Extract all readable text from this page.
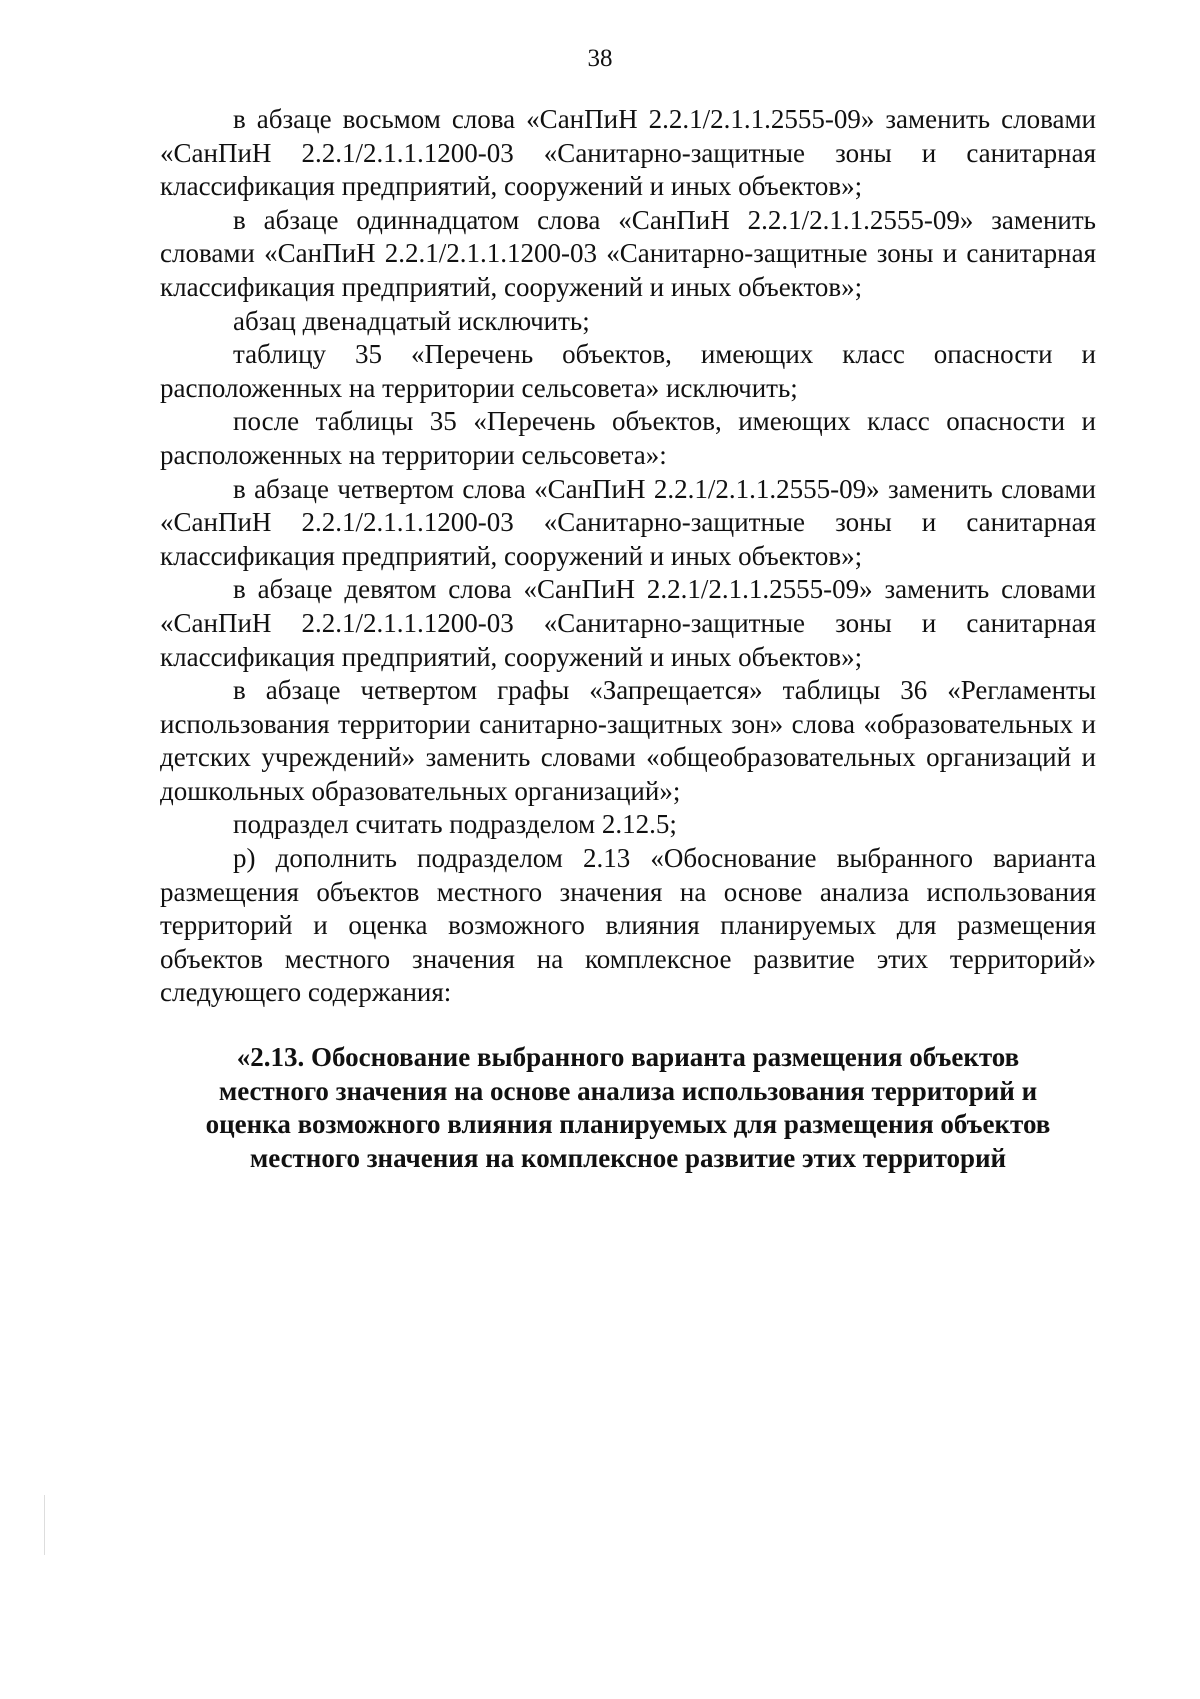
38

в абзаце восьмом слова «СанПиН 2.2.1/2.1.1.2555-09» заменить словами «СанПиН 2.2.1/2.1.1.1200-03 «Санитарно-защитные зоны и санитарная классификация предприятий, сооружений и иных объектов»;

в абзаце одиннадцатом слова «СанПиН 2.2.1/2.1.1.2555-09» заменить словами «СанПиН 2.2.1/2.1.1.1200-03 «Санитарно-защитные зоны и санитарная классификация предприятий, сооружений и иных объектов»;

абзац двенадцатый исключить;

таблицу 35 «Перечень объектов, имеющих класс опасности и расположенных на территории сельсовета» исключить;

после таблицы 35 «Перечень объектов, имеющих класс опасности и расположенных на территории сельсовета»:

в абзаце четвертом слова «СанПиН 2.2.1/2.1.1.2555-09» заменить словами «СанПиН 2.2.1/2.1.1.1200-03 «Санитарно-защитные зоны и санитарная классификация предприятий, сооружений и иных объектов»;

в абзаце девятом слова «СанПиН 2.2.1/2.1.1.2555-09» заменить словами «СанПиН 2.2.1/2.1.1.1200-03 «Санитарно-защитные зоны и санитарная классификация предприятий, сооружений и иных объектов»;

в абзаце четвертом графы «Запрещается» таблицы 36 «Регламенты использования территории санитарно-защитных зон» слова «образовательных и детских учреждений» заменить словами «общеобразовательных организаций и дошкольных образовательных организаций»;

подраздел считать подразделом 2.12.5;

р) дополнить подразделом 2.13 «Обоснование выбранного варианта размещения объектов местного значения на основе анализа использования территорий и оценка возможного влияния планируемых для размещения объектов местного значения на комплексное развитие этих территорий» следующего содержания:

«2.13. Обоснование выбранного варианта размещения объектов
местного значения на основе анализа использования территорий и
оценка возможного влияния планируемых для размещения объектов
местного значения на комплексное развитие этих территорий
